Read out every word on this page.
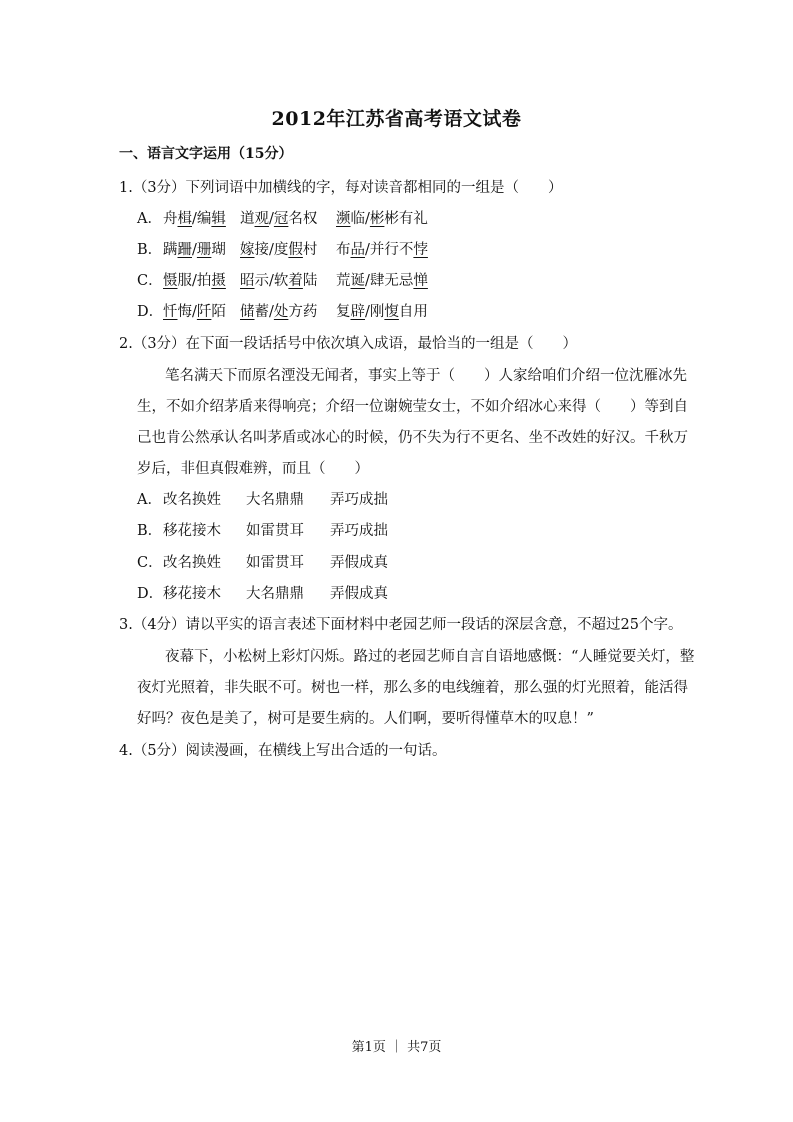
2012年江苏省高考语文试卷
一、语言文字运用（15分）
1.（3分）下列词语中加横线的字，每对读音都相同的一组是（　　）
A． 舟楫/编辑 道观/冠名权 濒临/彬彬有礼
B． 蹒跚/珊瑚 嫁接/度假村 布品/并行不悖
C． 慑服/拍摄 昭示/软着陆 荒诞/肆无忌惮
D． 忏悔/阡陌 储蓄/处方药 复辟/刚愎自用
2.（3分）在下面一段话括号中依次填入成语，最恰当的一组是（　　）
笔名满天下而原名湮没无闻者，事实上等于（　　）人家给咱们介绍一位沈雁冰先
生，不如介绍茅盾来得响亮；介绍一位谢婉莹女士，不如介绍冰心来得（　　）等到自
己也肯公然承认名叫茅盾或冰心的时候，仍不失为行不更名、坐不改姓的好汉。千秋万
岁后，非但真假难辨，而且（　　）
A． 改名换姓 大名鼎鼎 弄巧成拙
B． 移花接木 如雷贯耳 弄巧成拙
C． 改名换姓 如雷贯耳 弄假成真
D． 移花接木 大名鼎鼎 弄假成真
3.（4分）请以平实的语言表述下面材料中老园艺师一段话的深层含意，不超过25个字。
夜幕下，小松树上彩灯闪烁。路过的老园艺师自言自语地感慨：“人睡觉要关灯，整
夜灯光照着，非失眠不可。树也一样，那么多的电线缠着，那么强的灯光照着，能活得
好吗？夜色是美了，树可是要生病的。人们啊，要听得懂草木的叹息！”
4.（5分）阅读漫画，在横线上写出合适的一句话。
第1页 ｜ 共7页
